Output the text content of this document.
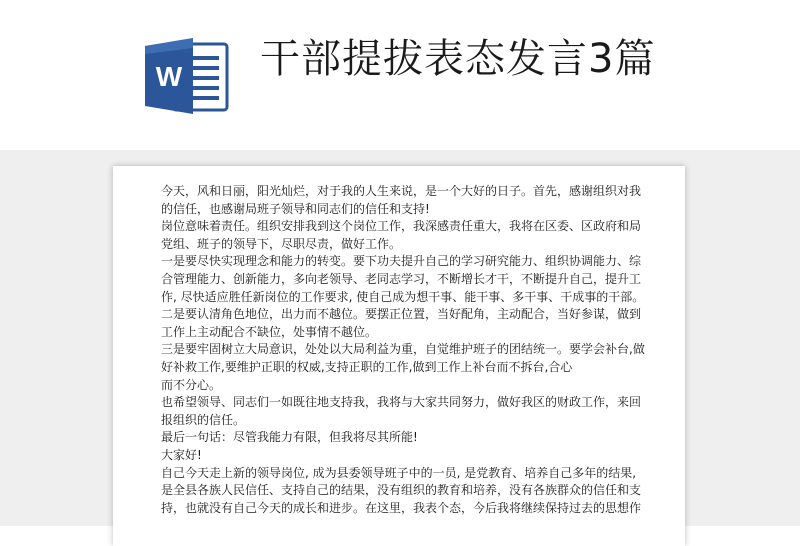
W 干部提拔表态发言3篇
今天，风和日丽，阳光灿烂，对于我的人生来说，是一个大好的日子。首先，感谢组织对我
的信任，也感谢局班子领导和同志们的信任和支持!
岗位意味着责任。组织安排我到这个岗位工作，我深感责任重大，我将在区委、区政府和局
党组、班子的领导下，尽职尽责，做好工作。
一是要尽快实现理念和能力的转变。要下功夫提升自己的学习研究能力、组织协调能力、综
合管理能力、创新能力，多向老领导、老同志学习，不断增长才干，不断提升自己，提升工
作, 尽快适应胜任新岗位的工作要求, 使自己成为想干事、能干事、多干事、干成事的干部。
二是要认清角色地位，出力而不越位。要摆正位置，当好配角，主动配合，当好参谋，做到
工作上主动配合不缺位，处事情不越位。
三是要牢固树立大局意识，处处以大局利益为重，自觉维护班子的团结统一。要学会补台,做
好补救工作,要维护正职的权威,支持正职的工作,做到工作上补台而不拆台,合心
而不分心。
也希望领导、同志们一如既往地支持我，我将与大家共同努力，做好我区的财政工作，来回
报组织的信任。
最后一句话：尽管我能力有限，但我将尽其所能!
大家好!
自己今天走上新的领导岗位, 成为县委领导班子中的一员, 是党教育、培养自己多年的结果,
是全县各族人民信任、支持自己的结果，没有组织的教育和培养，没有各族群众的信任和支
持，也就没有自己今天的成长和进步。在这里，我表个态，今后我将继续保持过去的思想作
